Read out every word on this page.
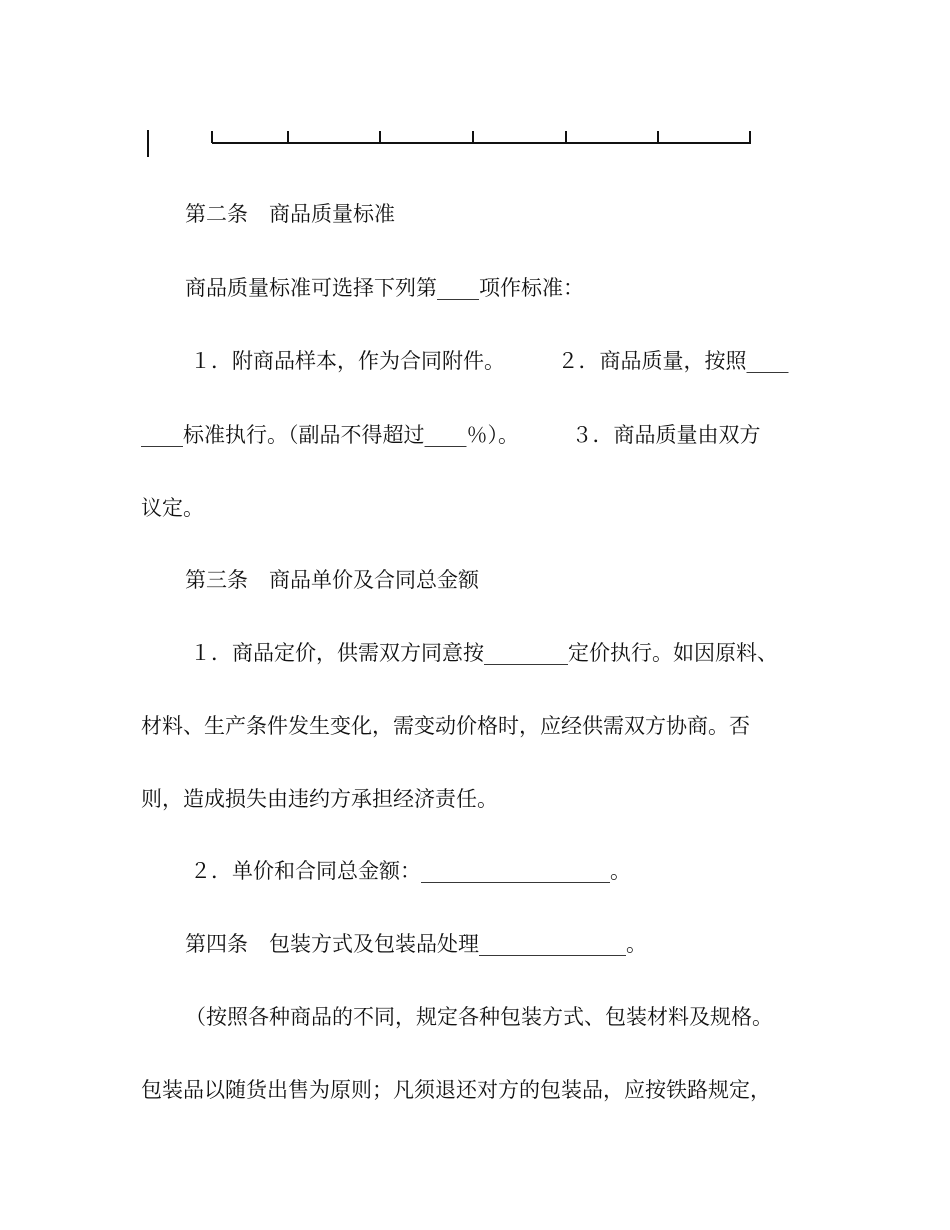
第二条　商品质量标准
商品质量标准可选择下列第____项作标准：
１．附商品样本，作为合同附件。　　　２．商品质量，按照____
____标准执行。（副品不得超过____％）。　　　３．商品质量由双方
议定。
第三条　商品单价及合同总金额
１．商品定价，供需双方同意按________定价执行。如因原料、
材料、生产条件发生变化，需变动价格时，应经供需双方协商。否
则，造成损失由违约方承担经济责任。
２．单价和合同总金额：__________________。
第四条　包装方式及包装品处理______________。
（按照各种商品的不同，规定各种包装方式、包装材料及规格。
包装品以随货出售为原则；凡须退还对方的包装品，应按铁路规定，
